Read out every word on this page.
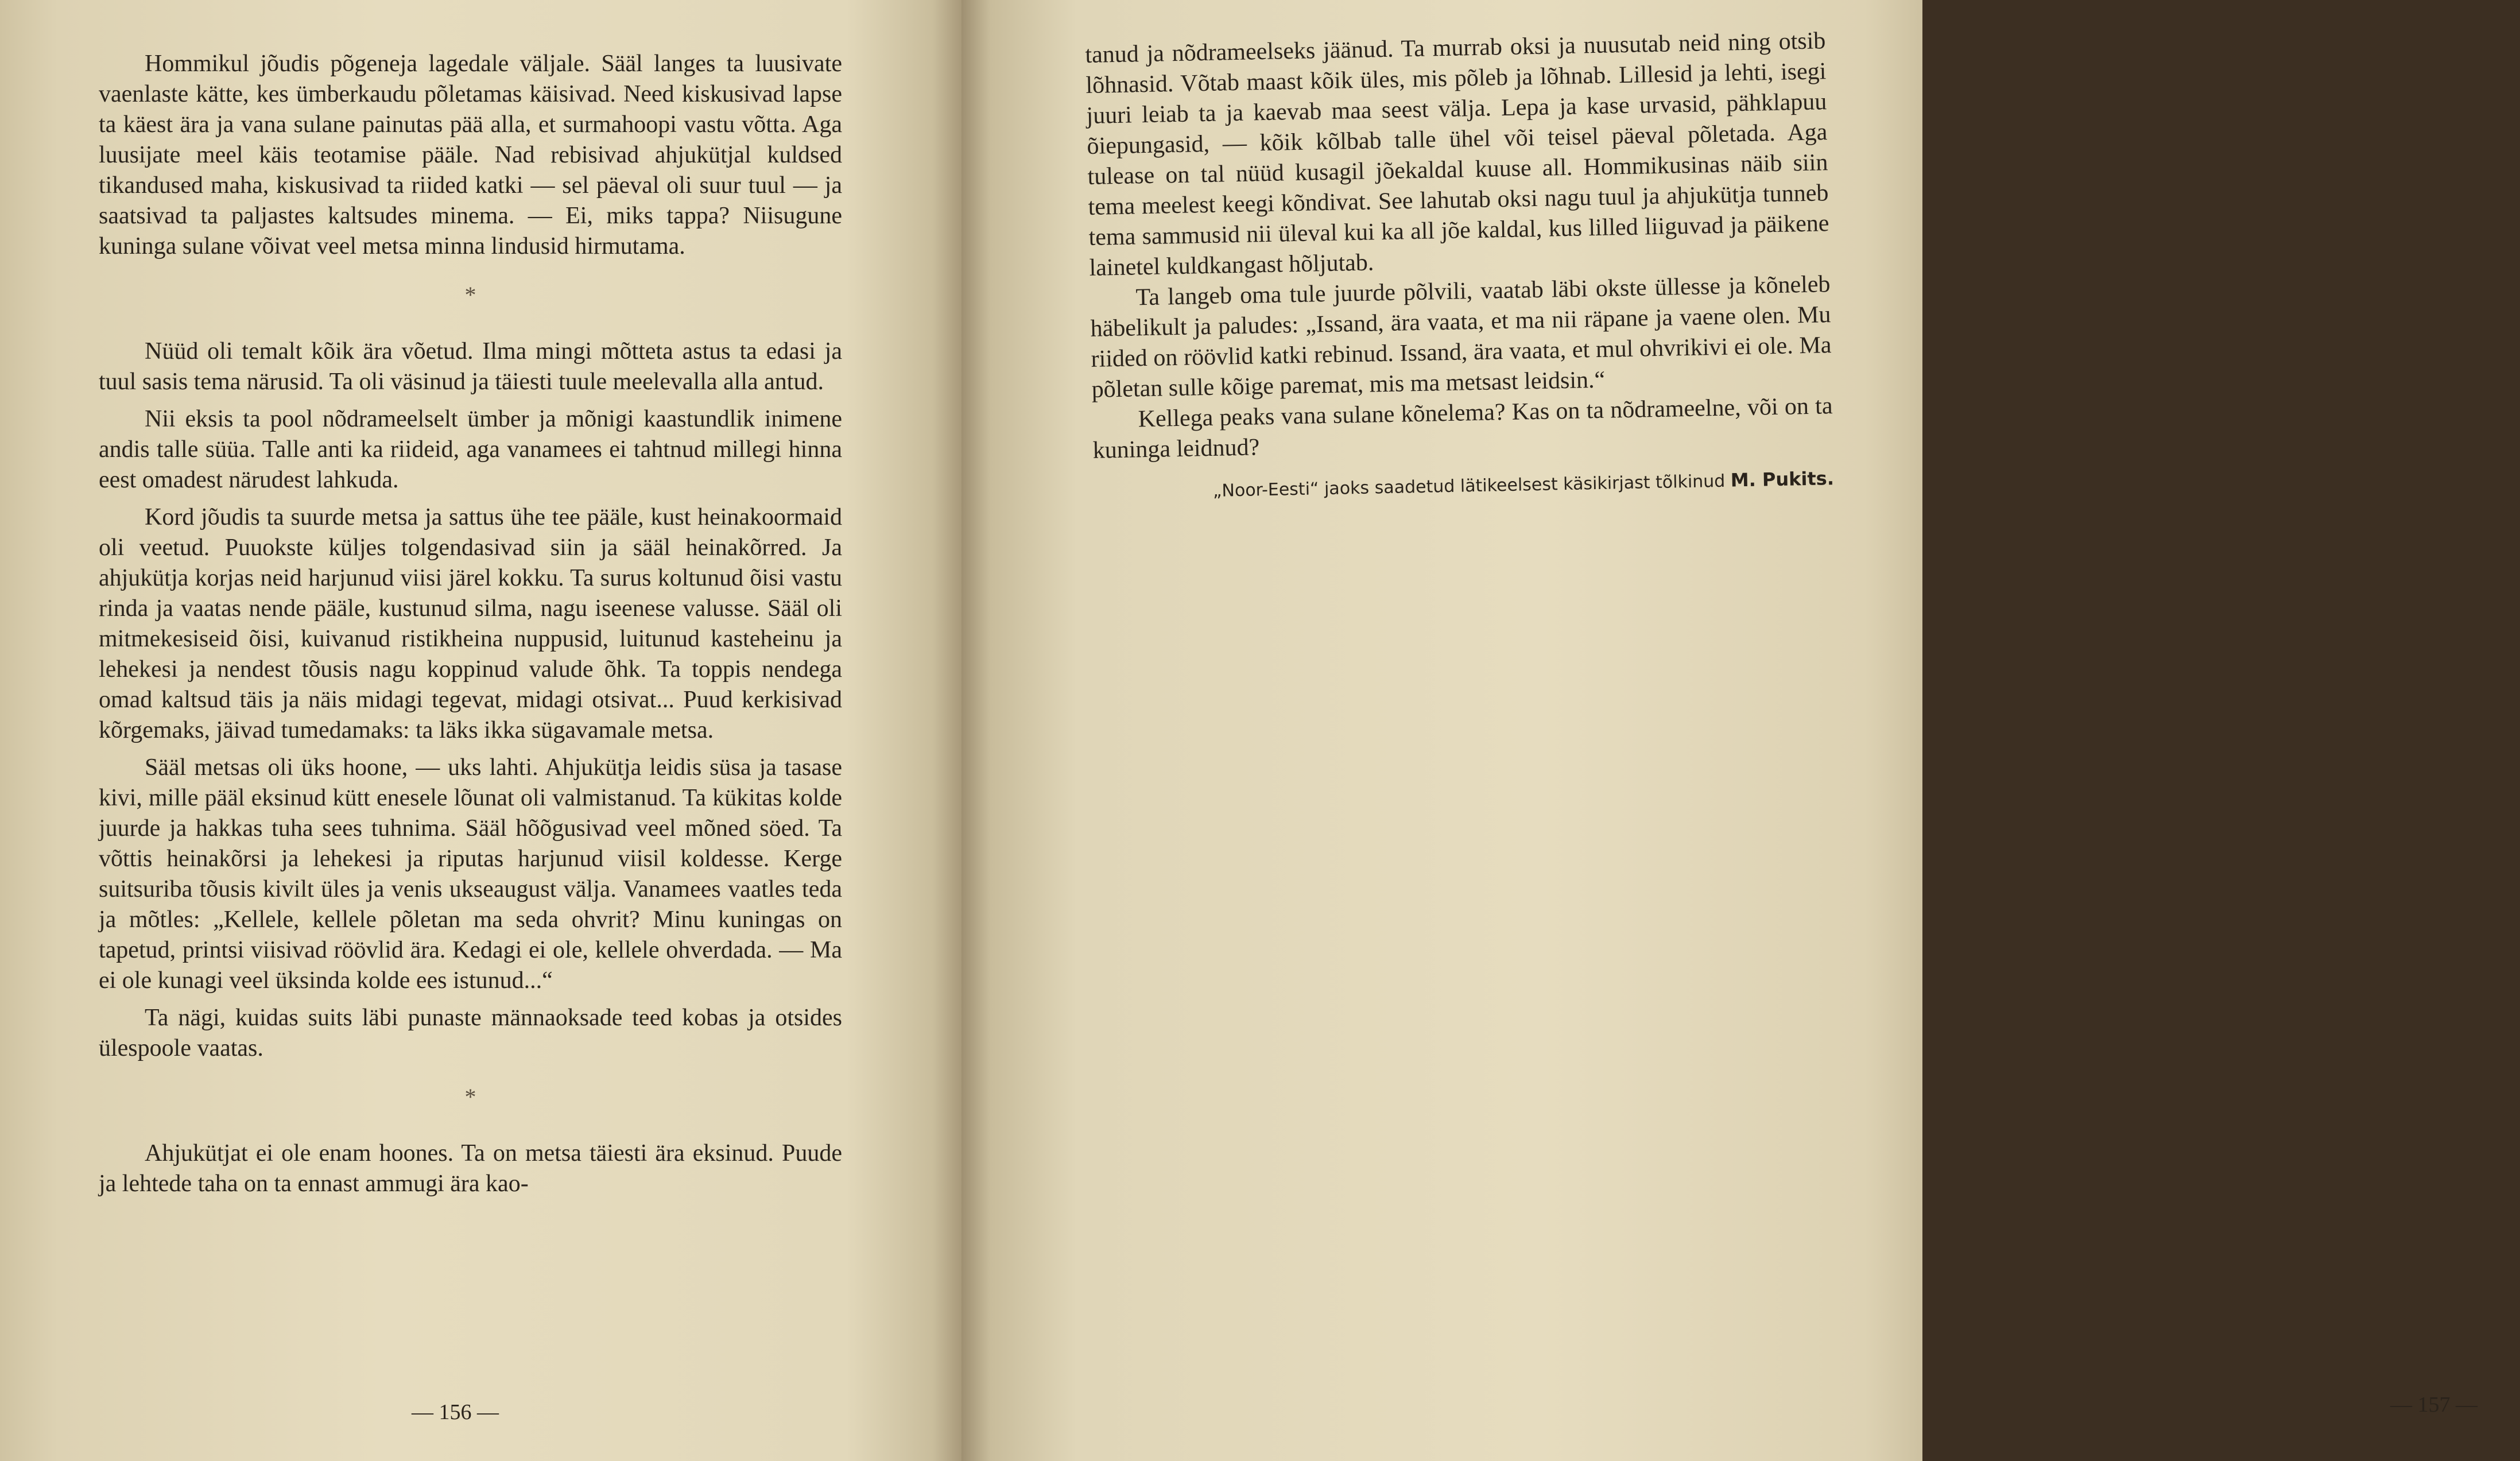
Hommikul jõudis põgeneja lagedale väljale. Sääl langes ta luusivate vaenlaste kätte, kes ümberkaudu põletamas käisivad. Need kiskusivad lapse ta käest ära ja vana sulane painutas pää alla, et surmahoopi vastu võtta. Aga luusijate meel käis teotamise pääle. Nad rebisivad ahjukütjal kuldsed tikandused maha, kiskusivad ta riided katki — sel päeval oli suur tuul — ja saatsivad ta paljastes kaltsudes minema. — Ei, miks tappa? Niisugune kuninga sulane võivat veel metsa minna lindusid hirmutama.

*

Nüüd oli temalt kõik ära võetud. Ilma mingi mõtteta astus ta edasi ja tuul sasis tema närusid. Ta oli väsinud ja täiesti tuule meelevalla alla antud.

Nii eksis ta pool nõdrameelselt ümber ja mõnigi kaastundlik inimene andis talle süüa. Talle anti ka riideid, aga vanamees ei tahtnud millegi hinna eest omadest närudest lahkuda.

Kord jõudis ta suurde metsa ja sattus ühe tee pääle, kust heinakoormaid oli veetud. Puuokste küljes tolgendasivad siin ja sääl heinakõrred. Ja ahjukütja korjas neid harjunud viisi järel kokku. Ta surus koltunud õisi vastu rinda ja vaatas nende pääle, kustunud silma, nagu iseenese valusse. Sääl oli mitmekesiseid õisi, kuivanud ristikheina nuppusid, luitunud kasteheinu ja lehekesi ja nendest tõusis nagu koppinud valude õhk. Ta toppis nendega omad kaltsud täis ja näis midagi tegevat, midagi otsivat... Puud kerkisivad kõrgemaks, jäivad tumedamaks: ta läks ikka sügavamale metsa.

Sääl metsas oli üks hoone, — uks lahti. Ahjukütja leidis süsa ja tasase kivi, mille pääl eksinud kütt enesele lõunat oli valmistanud. Ta kükitas kolde juurde ja hakkas tuha sees tuhnima. Sääl hõõgusivad veel mõned söed. Ta võttis heinakõrsi ja lehekesi ja riputas harjunud viisil koldesse. Kerge suitsuriba tõusis kivilt üles ja venis ukseaugust välja. Vanamees vaatles teda ja mõtles: „Kellele, kellele põletan ma seda ohvrit? Minu kuningas on tapetud, printsi viisivad röövlid ära. Kedagi ei ole, kellele ohverdada. — Ma ei ole kunagi veel üksinda kolde ees istunud...“

Ta nägi, kuidas suits läbi punaste männaoksade teed kobas ja otsides ülespoole vaatas.

*

Ahjukütjat ei ole enam hoones. Ta on metsa täiesti ära eksinud. Puude ja lehtede taha on ta ennast ammugi ära kao-

— 156 —

tanud ja nõdrameelseks jäänud. Ta murrab oksi ja nuusutab neid ning otsib lõhnasid. Võtab maast kõik üles, mis põleb ja lõhnab. Lillesid ja lehti, isegi juuri leiab ta ja kaevab maa seest välja. Lepa ja kase urvasid, pähklapuu õiepungasid, — kõik kõlbab talle ühel või teisel päeval põletada. Aga tulease on tal nüüd kusagil jõekaldal kuuse all. Hommikusinas näib siin tema meelest keegi kõndivat. See lahutab oksi nagu tuul ja ahjukütja tunneb tema sammusid nii üleval kui ka all jõe kaldal, kus lilled liiguvad ja päikene lainetel kuldkangast hõljutab.

Ta langeb oma tule juurde põlvili, vaatab läbi okste üllesse ja kõneleb häbelikult ja paludes: „Issand, ära vaata, et ma nii räpane ja vaene olen. Mu riided on röövlid katki rebinud. Issand, ära vaata, et mul ohvrikivi ei ole. Ma põletan sulle kõige paremat, mis ma metsast leidsin.“

Kellega peaks vana sulane kõnelema? Kas on ta nõdrameelne, või on ta kuninga leidnud?

„Noor-Eesti“ jaoks saadetud lätikeelsest käsikirjast tõlkinud M. Pukits.
— 157 —
